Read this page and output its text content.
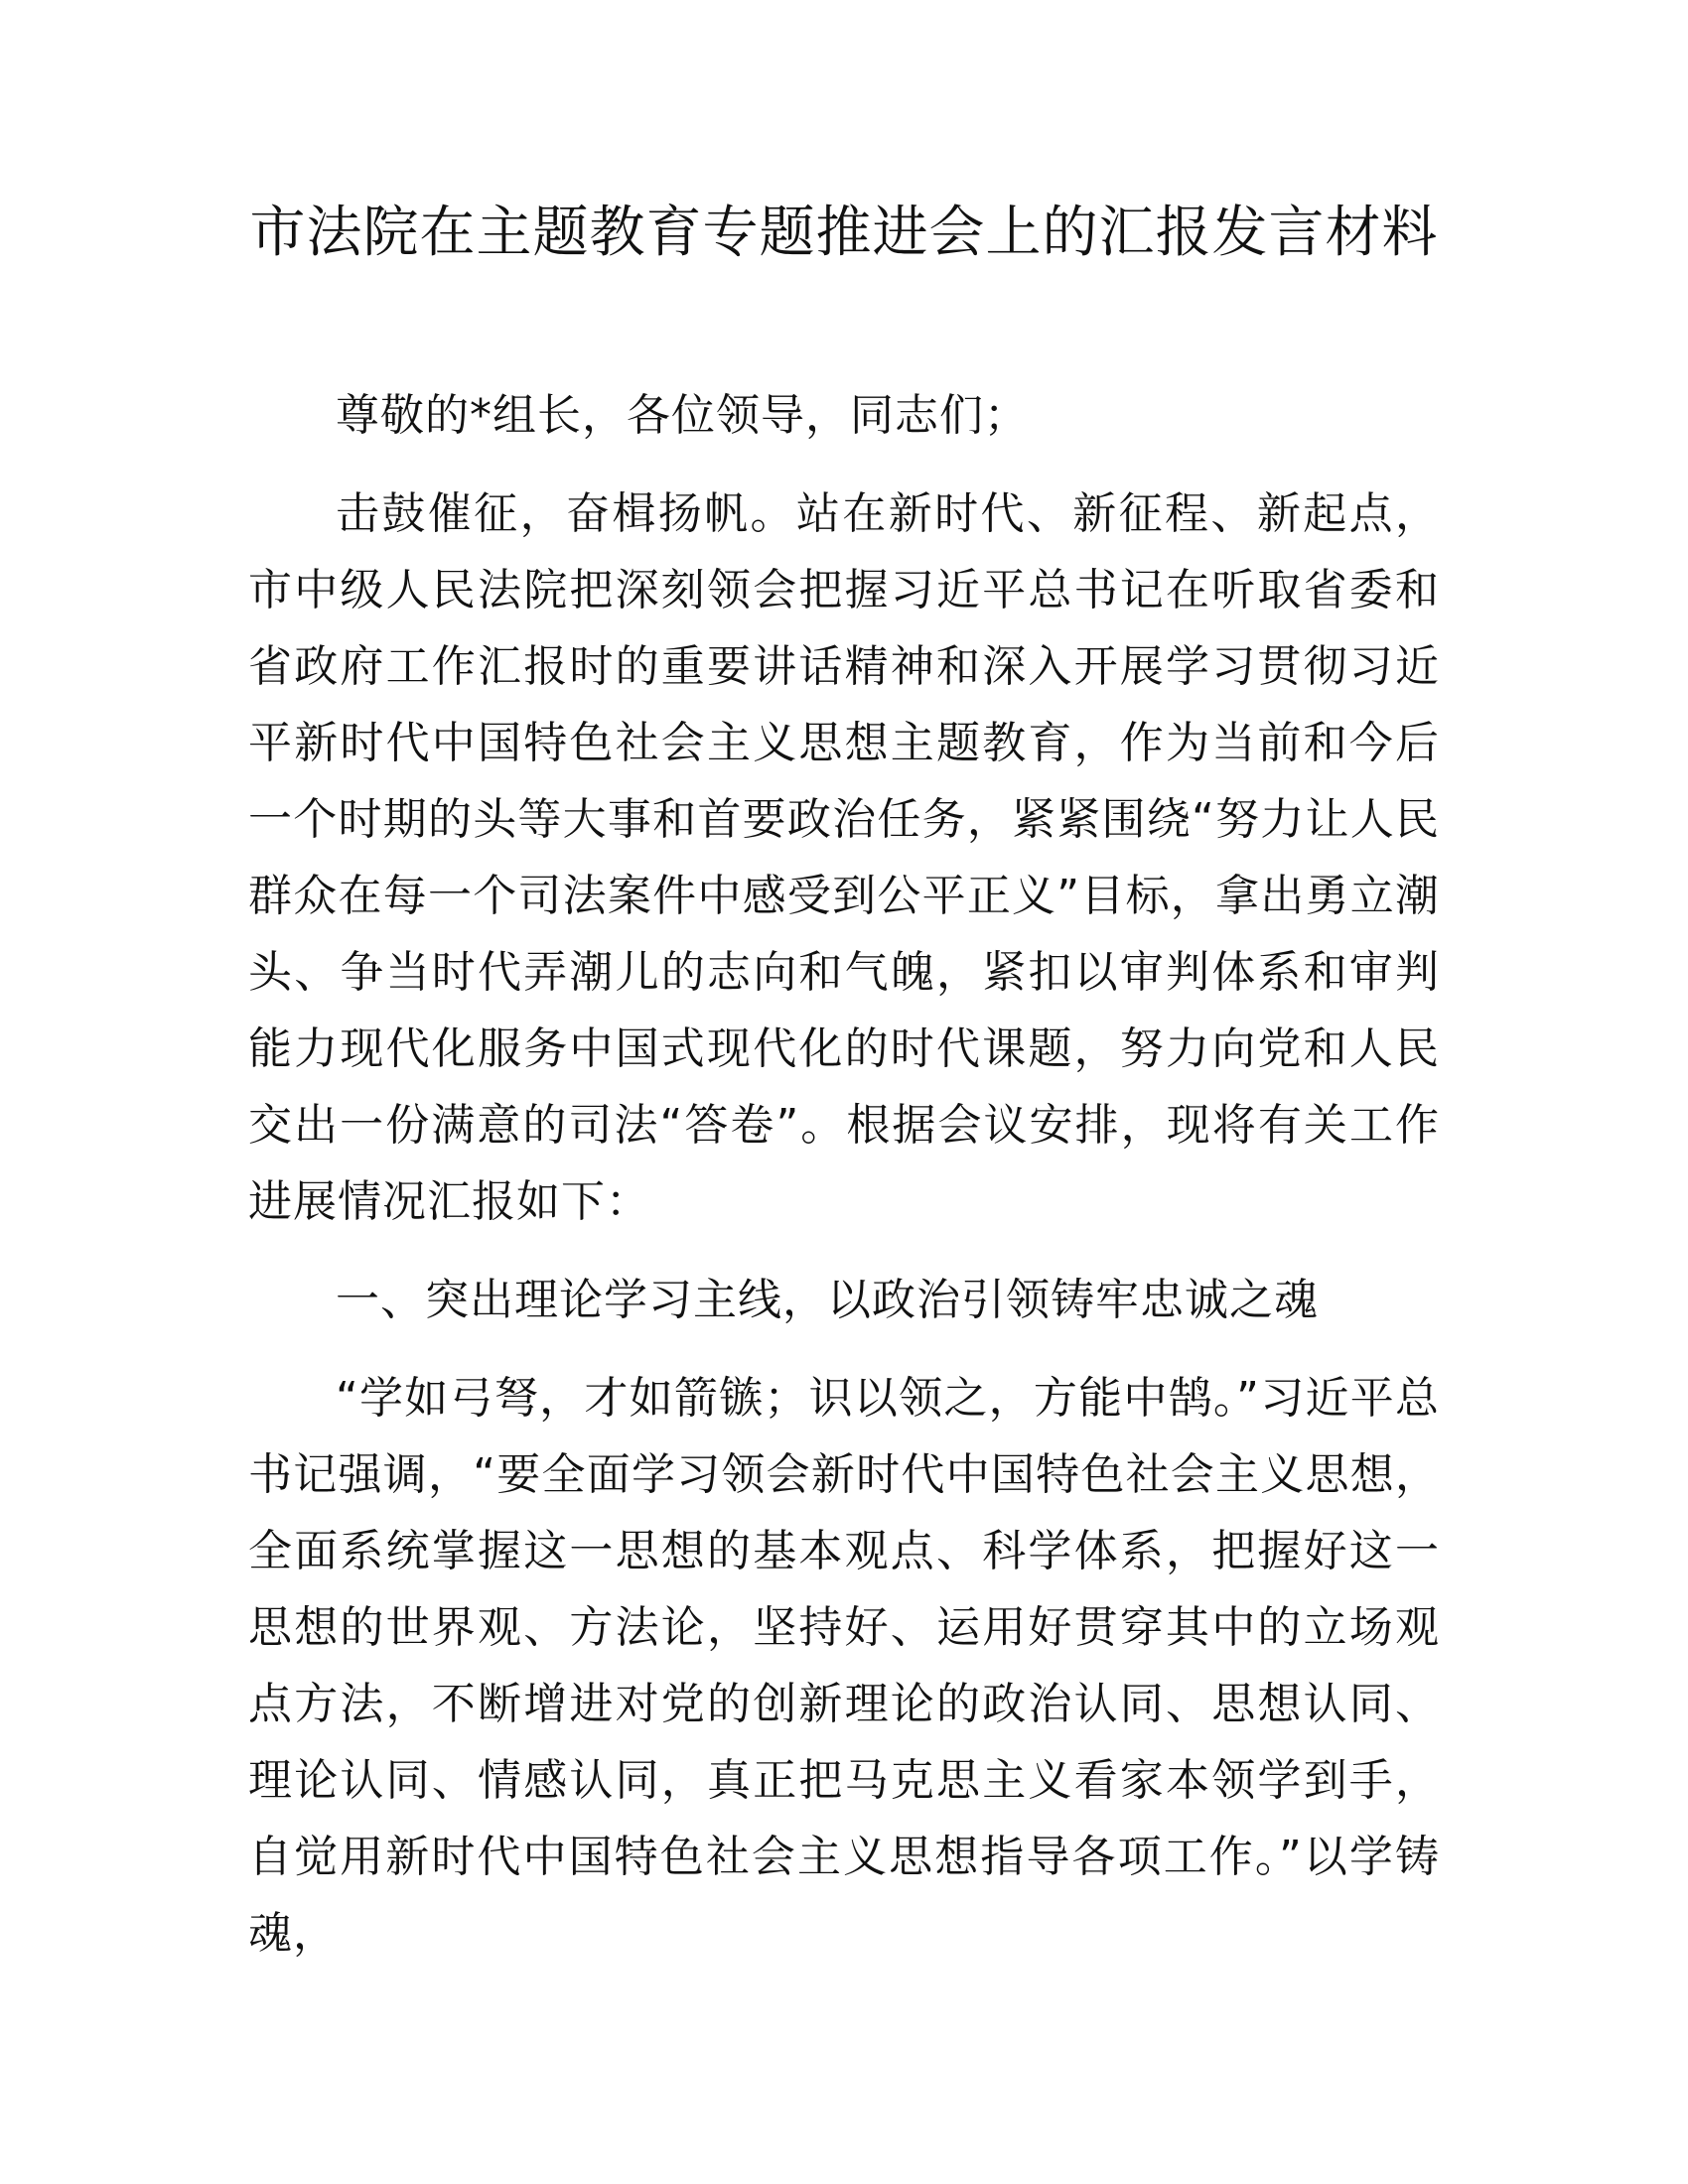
市法院在主题教育专题推进会上的汇报发言材料

尊敬的*组长，各位领导，同志们；

击鼓催征，奋楫扬帆。站在新时代、新征程、新起点，市中级人民法院把深刻领会把握习近平总书记在听取省委和省政府工作汇报时的重要讲话精神和深入开展学习贯彻习近平新时代中国特色社会主义思想主题教育，作为当前和今后一个时期的头等大事和首要政治任务，紧紧围绕“努力让人民群众在每一个司法案件中感受到公平正义”目标，拿出勇立潮头、争当时代弄潮儿的志向和气魄，紧扣以审判体系和审判能力现代化服务中国式现代化的时代课题，努力向党和人民交出一份满意的司法“答卷”。根据会议安排，现将有关工作进展情况汇报如下：

一、突出理论学习主线，以政治引领铸牢忠诚之魂

“学如弓弩，才如箭镞；识以领之，方能中鹄。”习近平总书记强调，“要全面学习领会新时代中国特色社会主义思想，全面系统掌握这一思想的基本观点、科学体系，把握好这一思想的世界观、方法论，坚持好、运用好贯穿其中的立场观点方法，不断增进对党的创新理论的政治认同、思想认同、理论认同、情感认同，真正把马克思主义看家本领学到手，自觉用新时代中国特色社会主义思想指导各项工作。”以学铸魂，
